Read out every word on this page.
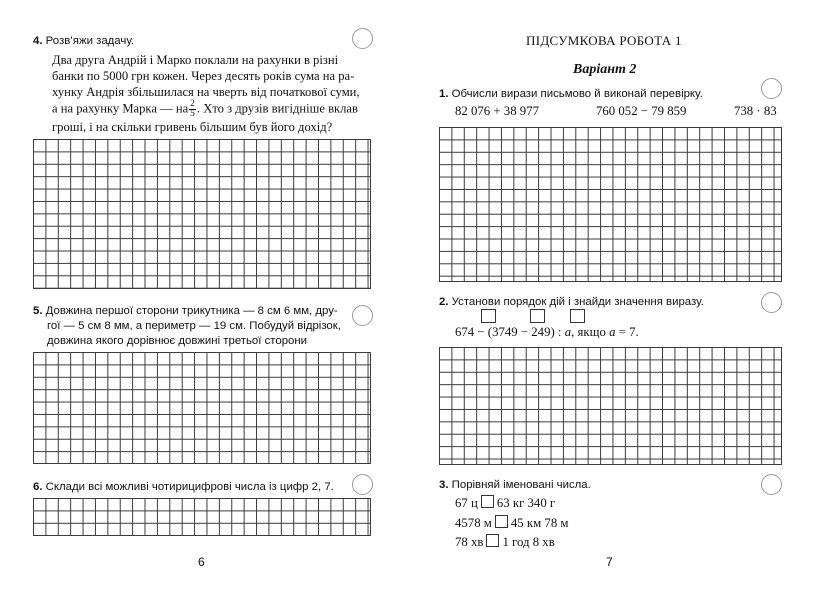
4. Розв’яжи задачу.
Два друга Андрій і Марко поклали на рахунки в різні
банки по 5000 грн кожен. Через десять років сума на ра-
хунку Андрія збільшилася на чверть від початкової суми,
а на рахунку Марка — на $\frac{2}{5}$ . Хто з друзів вигідніше вклав
гроші, і на скільки гривень більшим був його дохід?
5. Довжина першої сторони трикутника — 8 см 6 мм, дру-
гої — 5 см 8 мм, а периметр — 19 см. Побудуй відрізок,
довжина якого дорівнює довжині третьої сторони
6. Склади всі можливі чотирицифрові числа із цифр 2, 7.
6
ПІДСУМКОВА РОБОТА 1
Варіант 2
1. Обчисли вирази письмово й виконай перевірку.
82 076 + 38 977	760 052 − 79 859	738 · 83
2. Установи порядок дій і знайди значення виразу.
674 − (3749 − 249) : a, якщо a = 7.
3. Порівняй іменовані числа.
67 ц 63 кг 340 г
4578 м 45 км 78 м
78 хв 1 год 8 хв
7
